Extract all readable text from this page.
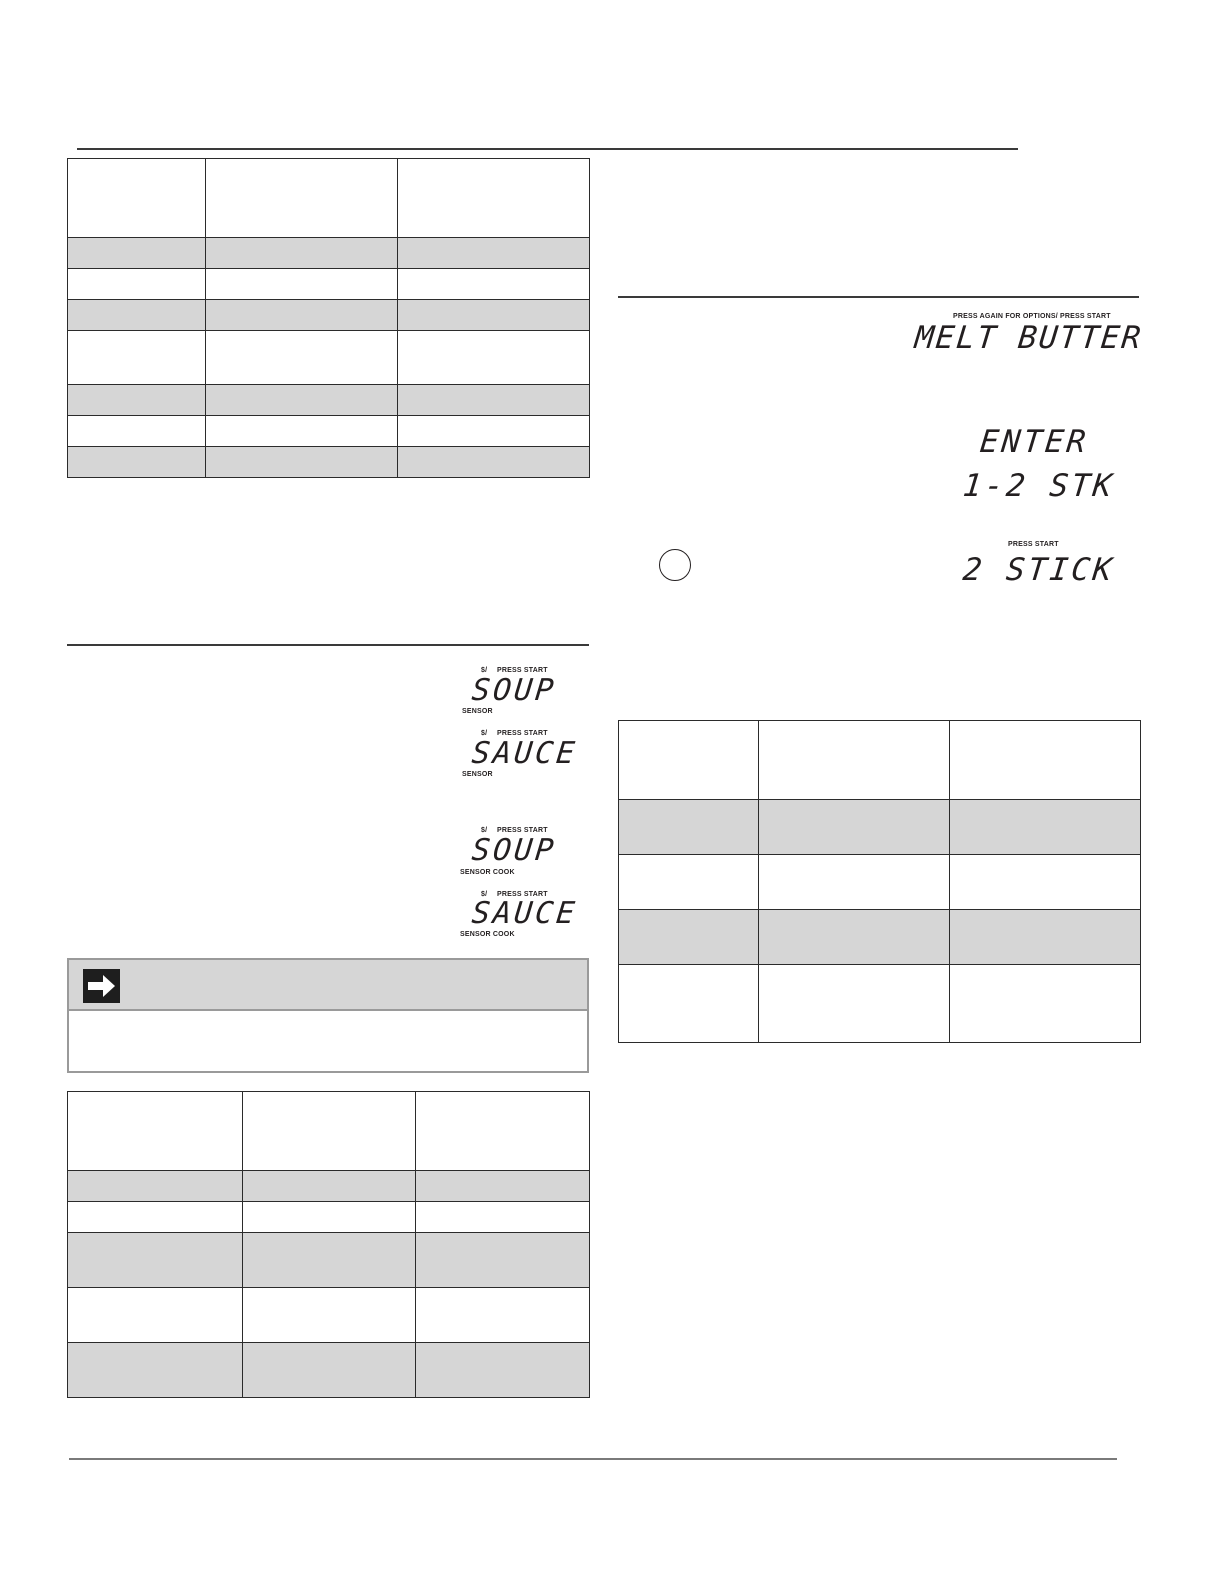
$/ PRESS START
SOUP
SENSOR
$/ PRESS START
SAUCE
SENSOR
$/ PRESS START
SOUP
SENSOR COOK
$/ PRESS START
SAUCE
SENSOR COOK

PRESS AGAIN FOR OPTIONS/ PRESS START
MELT BUTTER
ENTER
1-2 STK
PRESS START
2 STICK
